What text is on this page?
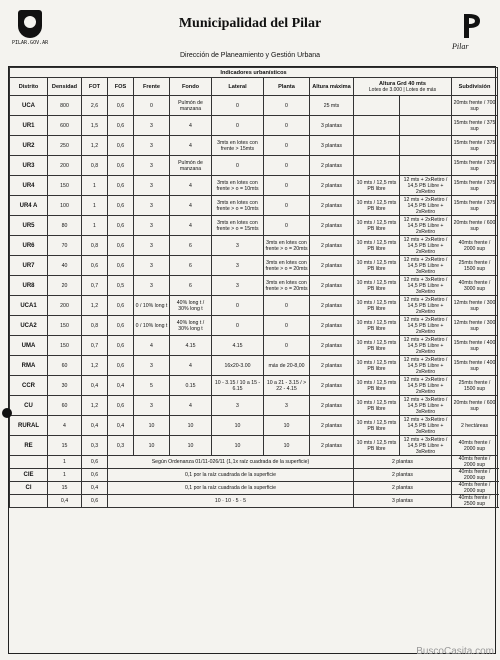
PILAR.GOV.AR
Municipalidad del Pilar
Dirección de Planeamiento y Gestión Urbana
Pilar
Indicadores urbanísticos											
Distrito	Densidad	FOT	FOS	Frente	Fondo	Lateral	Planta	Altura máxima	Altura Grd 40 mts
Lotes de 3.000 | Lotes de más		Subdivisión
UCA	800	2,6	0,6	0	Pulmón de manzana	0	0	25 mts			20mts frente / 700 sup
UR1	600	1,5	0,6	3	4	0	0	3 plantas			15mts frente / 375 sup
UR2	250	1,2	0,6	3	4	3mts en lotes con frente > 15mts	0	3 plantas			15mts frente / 375 sup
UR3	200	0,8	0,6	3	Pulmón de manzana	0	0	2 plantas			15mts frente / 375 sup
UR4	150	1	0,6	3	4	3mts en lotes con frente > o = 10mts	0	2 plantas	10 mts / 12,5 mts PB libre	12 mts + 2xRetiro / 14,5 PB Libre + 2xRetiro	15mts frente / 375 sup
UR4 A	100	1	0,6	3	4	3mts en lotes con frente > o = 10mts	0	2 plantas	10 mts / 12,5 mts PB libre	12 mts + 2xRetiro / 14,5 PB Libre + 2xRetiro	15mts frente / 375 sup
UR5	80	1	0,6	3	4	3mts en lotes con frente > o = 15mts	0	2 plantas	10 mts / 12,5 mts PB libre	12 mts + 2xRetiro / 14,5 PB Libre + 2xRetiro	20mts frente / 600 sup
UR6	70	0,8	0,6	3	6	3	3mts en lotes con frente > o = 20mts	2 plantas	10 mts / 12,5 mts PB libre	12 mts + 2xRetiro / 14,5 PB Libre + 2xRetiro	40mts frente / 2000 sup
UR7	40	0,6	0,6	3	6	3	3mts en lotes con frente > o = 20mts	2 plantas	10 mts / 12,5 mts PB libre	12 mts + 2xRetiro / 14,5 PB Libre + 3xRetiro	25mts frente / 1500 sup
UR8	20	0,7	0,5	3	6	3	3mts en lotes con frente > o = 20mts	2 plantas	10 mts / 12,5 mts PB libre	12 mts + 3xRetiro / 14,5 PB Libre + 3xRetiro	40mts frente / 3000 sup
UCA1	200	1,2	0,6	0 / 10% long t	40% long t / 30% long t	0	0	2 plantas	10 mts / 12,5 mts PB libre	12 mts + 2xRetiro / 14,5 PB Libre + 2xRetiro	12mts frente / 300 sup
UCA2	150	0,8	0,6	0 / 10% long t	40% long t / 30% long t	0	0	2 plantas	10 mts / 12,5 mts PB libre	12 mts + 2xRetiro / 14,5 PB Libre + 2xRetiro	12mts frente / 300 sup
UMA	150	0,7	0,6	4	4.15	4.15	0	2 plantas	10 mts / 12,5 mts PB libre	12 mts + 2xRetiro / 14,5 PB Libre + 2xRetiro	15mts frente / 400 sup
RMA	60	1,2	0,6	3	4	16x20-3.00	más de 20-8,00	2 plantas	10 mts / 12,5 mts PB libre	12 mts + 2xRetiro / 14,5 PB Libre + 2xRetiro	15mts frente / 400 sup
CCR	30	0,4	0,4	5	0.15	10 - 3.15 / 10 a 15 - 6.15	10 a 21 - 3.15 / > 22 - 4.15	2 plantas	10 mts / 12,5 mts PB libre	12 mts + 2xRetiro / 14,5 PB Libre + 2xRetiro	25mts frente / 1500 sup
CU	60	1,2	0,6	3	4	3	3	2 plantas	10 mts / 12,5 mts PB libre	12 mts + 3xRetiro / 14,5 PB Libre + 3xRetiro	20mts frente / 600 sup
RURAL	4	0,4	0,4	10	10	10	10	2 plantas	10 mts / 12,5 mts PB libre	12 mts + 3xRetiro / 14,5 PB Libre + 3xRetiro	2 hectáreas
RE	15	0,3	0,3	10	10	10	10	2 plantas	10 mts / 12,5 mts PB libre	12 mts + 3xRetiro / 14,5 PB Libre + 3xRetiro	40mts frente / 2000 sup
	1	0,6	Según Ordenanza 01/11-026/11 (1,1x raíz cuadrada de la superficie)						2 plantas		40mts frente / 2000 sup
ClE	1	0,6	0,1 por la raíz cuadrada de la superficie						2 plantas		40mts frente / 2000 sup
Cl	15	0,4	0,1 por la raíz cuadrada de la superficie						2 plantas		40mts frente / 2000 sup
	0,4	0,6	10 · 10 · 5 · 5						3 plantas		40mts frente / 2500 sup
BuscoCasita.com
